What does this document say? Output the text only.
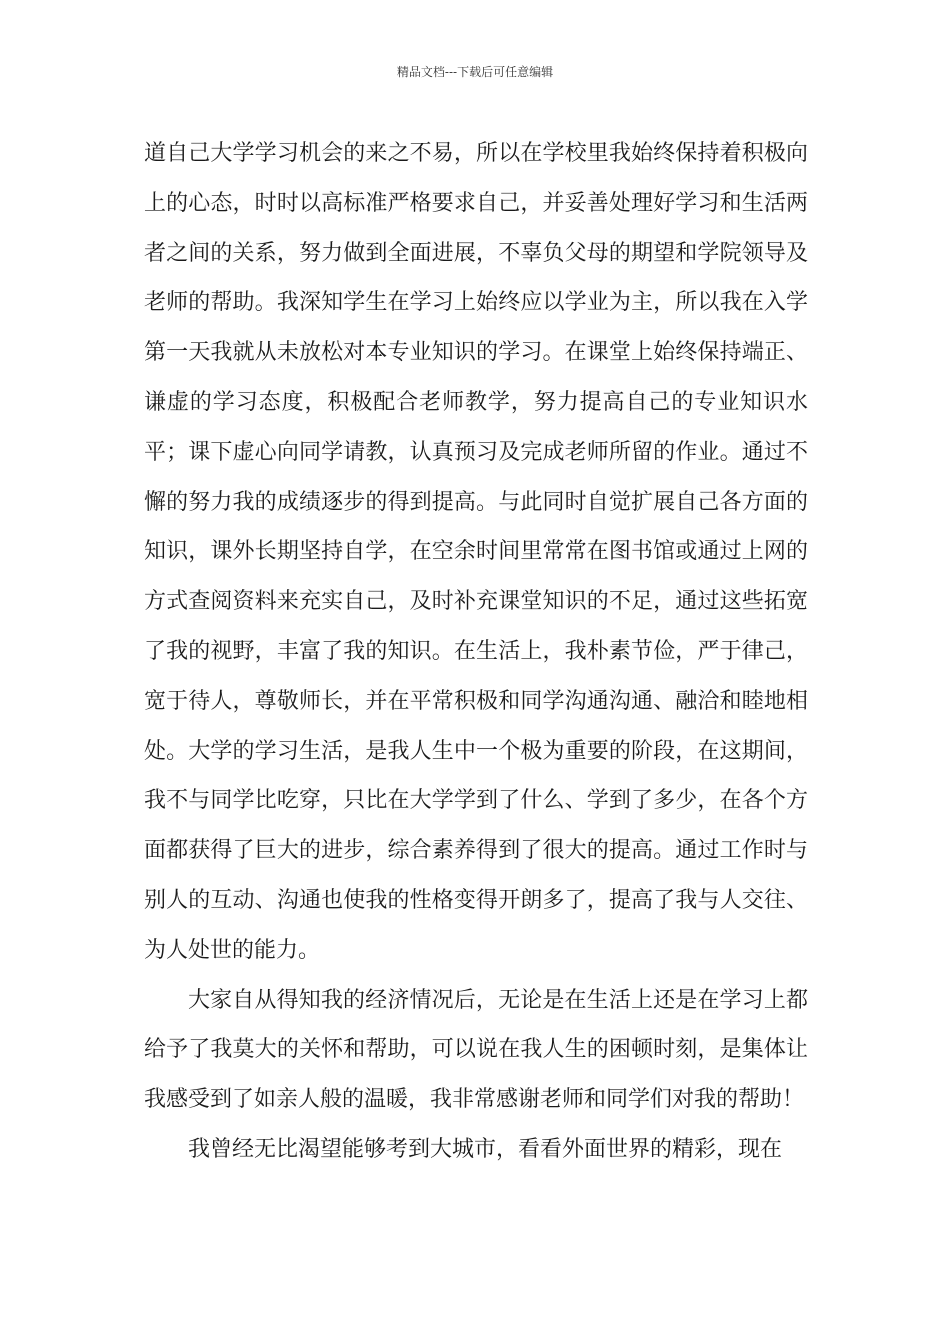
精品文档---下载后可任意编辑

道自己大学学习机会的来之不易，所以在学校里我始终保持着积极向上的心态，时时以高标准严格要求自己，并妥善处理好学习和生活两者之间的关系，努力做到全面进展，不辜负父母的期望和学院领导及老师的帮助。我深知学生在学习上始终应以学业为主，所以我在入学第一天我就从未放松对本专业知识的学习。在课堂上始终保持端正、谦虚的学习态度，积极配合老师教学，努力提高自己的专业知识水平；课下虚心向同学请教，认真预习及完成老师所留的作业。通过不懈的努力我的成绩逐步的得到提高。与此同时自觉扩展自己各方面的知识，课外长期坚持自学，在空余时间里常常在图书馆或通过上网的方式查阅资料来充实自己，及时补充课堂知识的不足，通过这些拓宽了我的视野，丰富了我的知识。在生活上，我朴素节俭，严于律己，宽于待人，尊敬师长，并在平常积极和同学沟通沟通、融洽和睦地相处。大学的学习生活，是我人生中一个极为重要的阶段，在这期间，我不与同学比吃穿，只比在大学学到了什么、学到了多少，在各个方面都获得了巨大的进步，综合素养得到了很大的提高。通过工作时与别人的互动、沟通也使我的性格变得开朗多了，提高了我与人交往、为人处世的能力。

大家自从得知我的经济情况后，无论是在生活上还是在学习上都给予了我莫大的关怀和帮助，可以说在我人生的困顿时刻，是集体让我感受到了如亲人般的温暖，我非常感谢老师和同学们对我的帮助！

我曾经无比渴望能够考到大城市，看看外面世界的精彩，现在
